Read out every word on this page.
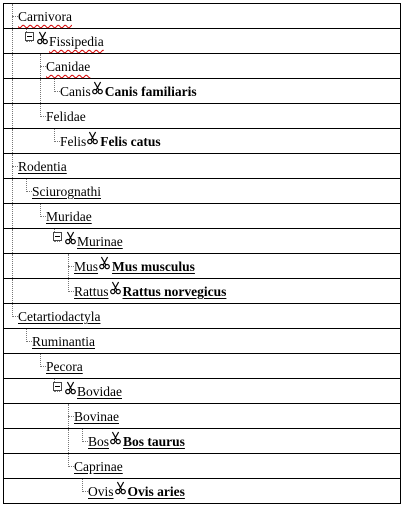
Carnivora
Fissipedia
Canidae
Canis Canis familiaris
Felidae
Felis Felis catus
Rodentia
Sciurognathi
Muridae
Murinae
Mus Mus musculus
Rattus Rattus norvegicus
Cetartiodactyla
Ruminantia
Pecora
Bovidae
Bovinae
Bos Bos taurus
Caprinae
Ovis Ovis aries
